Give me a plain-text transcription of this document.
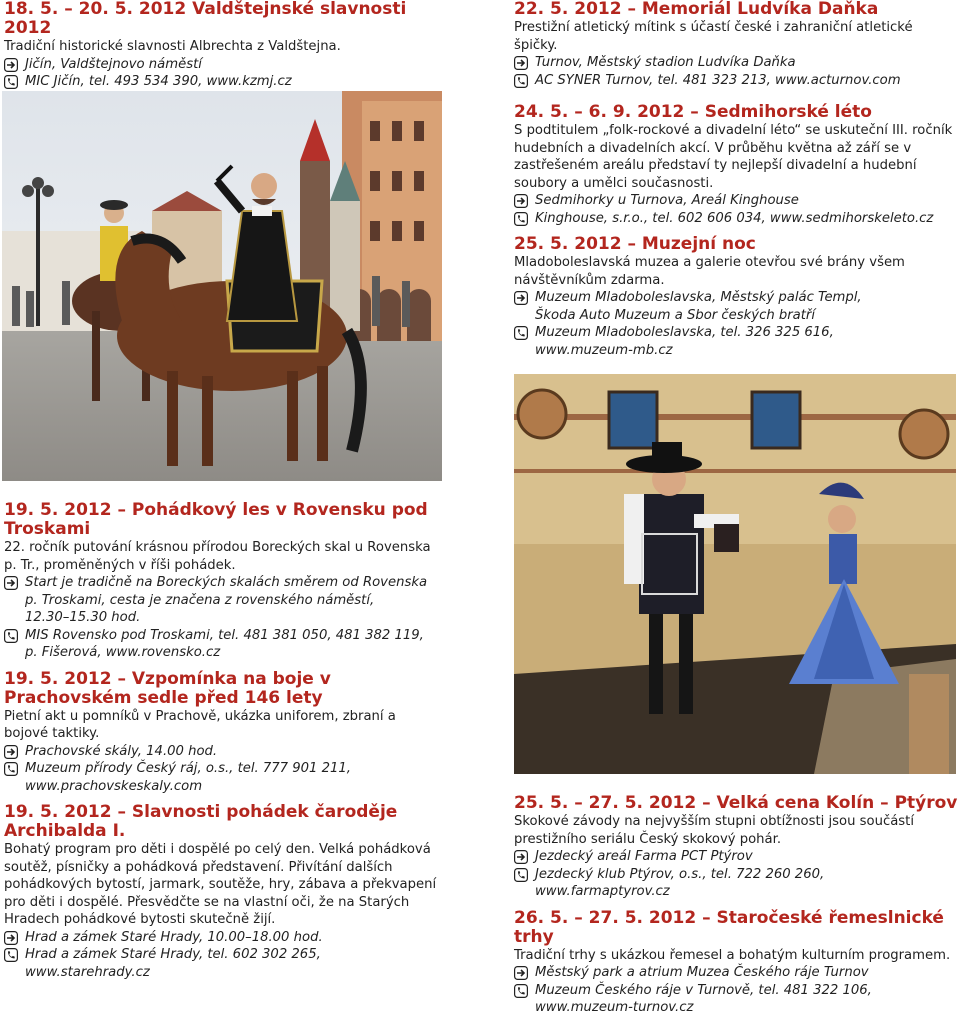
18. 5. – 20. 5. 2012 Valdštejnské slavnosti 2012
Tradiční historické slavnosti Albrechta z Valdštejna.
Jičín, Valdštejnovo náměstí
MIC Jičín, tel. 493 534 390, www.kzmj.cz
19. 5. 2012 – Pohádkový les v Rovensku pod Troskami
22. ročník putování krásnou přírodou Boreckých skal u Rovenska p. Tr., proměněných v říši pohádek.
Start je tradičně na Boreckých skalách směrem od Rovenska
p. Troskami, cesta je značena z rovenského náměstí,
12.30–15.30 hod.
MIS Rovensko pod Troskami, tel. 481 381 050, 481 382 119,
p. Fišerová, www.rovensko.cz
19. 5. 2012 – Vzpomínka na boje v Prachovském sedle před 146 lety
Pietní akt u pomníků v Prachově, ukázka uniforem, zbraní a bojové taktiky.
Prachovské skály, 14.00 hod.
Muzeum přírody Český ráj, o.s., tel. 777 901 211,
www.prachovskeskaly.com
19. 5. 2012 – Slavnosti pohádek čaroděje Archibalda I.
Bohatý program pro děti i dospělé po celý den. Velká pohádková soutěž, písničky a pohádková představení. Přivítání dalších pohádkových bytostí, jarmark, soutěže, hry, zábava a překvapení pro děti i dospělé. Přesvědčte se na vlastní oči, že na Starých Hradech pohádkové bytosti skutečně žijí.
Hrad a zámek Staré Hrady, 10.00–18.00 hod.
Hrad a zámek Staré Hrady, tel. 602 302 265,
www.starehrady.cz
22. 5. 2012 – Memoriál Ludvíka Daňka
Prestižní atletický mítink s účastí české i zahraniční atletické špičky.
Turnov, Městský stadion Ludvíka Daňka
AC SYNER Turnov, tel. 481 323 213, www.acturnov.com
24. 5. – 6. 9. 2012 – Sedmihorské léto
S podtitulem „folk-rockové a divadelní léto“ se uskuteční III. ročník hudebních a divadelních akcí. V průběhu května až září se v zastřešeném areálu představí ty nejlepší divadelní a hudební soubory a umělci současnosti.
Sedmihorky u Turnova, Areál Kinghouse
Kinghouse, s.r.o., tel. 602 606 034, www.sedmihorskeleto.cz
25. 5. 2012 – Muzejní noc
Mladoboleslavská muzea a galerie otevřou své brány všem návštěvníkům zdarma.
Muzeum Mladoboleslavska, Městský palác Templ,
Škoda Auto Muzeum a Sbor českých bratří
Muzeum Mladoboleslavska, tel. 326 325 616,
www.muzeum-mb.cz
25. 5. – 27. 5. 2012 – Velká cena Kolín – Ptýrov
Skokové závody na nejvyšším stupni obtížnosti jsou součástí prestižního seriálu Český skokový pohár.
Jezdecký areál Farma PCT Ptýrov
Jezdecký klub Ptýrov, o.s., tel. 722 260 260,
www.farmaptyrov.cz
26. 5. – 27. 5. 2012 – Staročeské řemeslnické trhy
Tradiční trhy s ukázkou řemesel a bohatým kulturním programem.
Městský park a atrium Muzea Českého ráje Turnov
Muzeum Českého ráje v Turnově, tel. 481 322 106,
www.muzeum-turnov.cz
